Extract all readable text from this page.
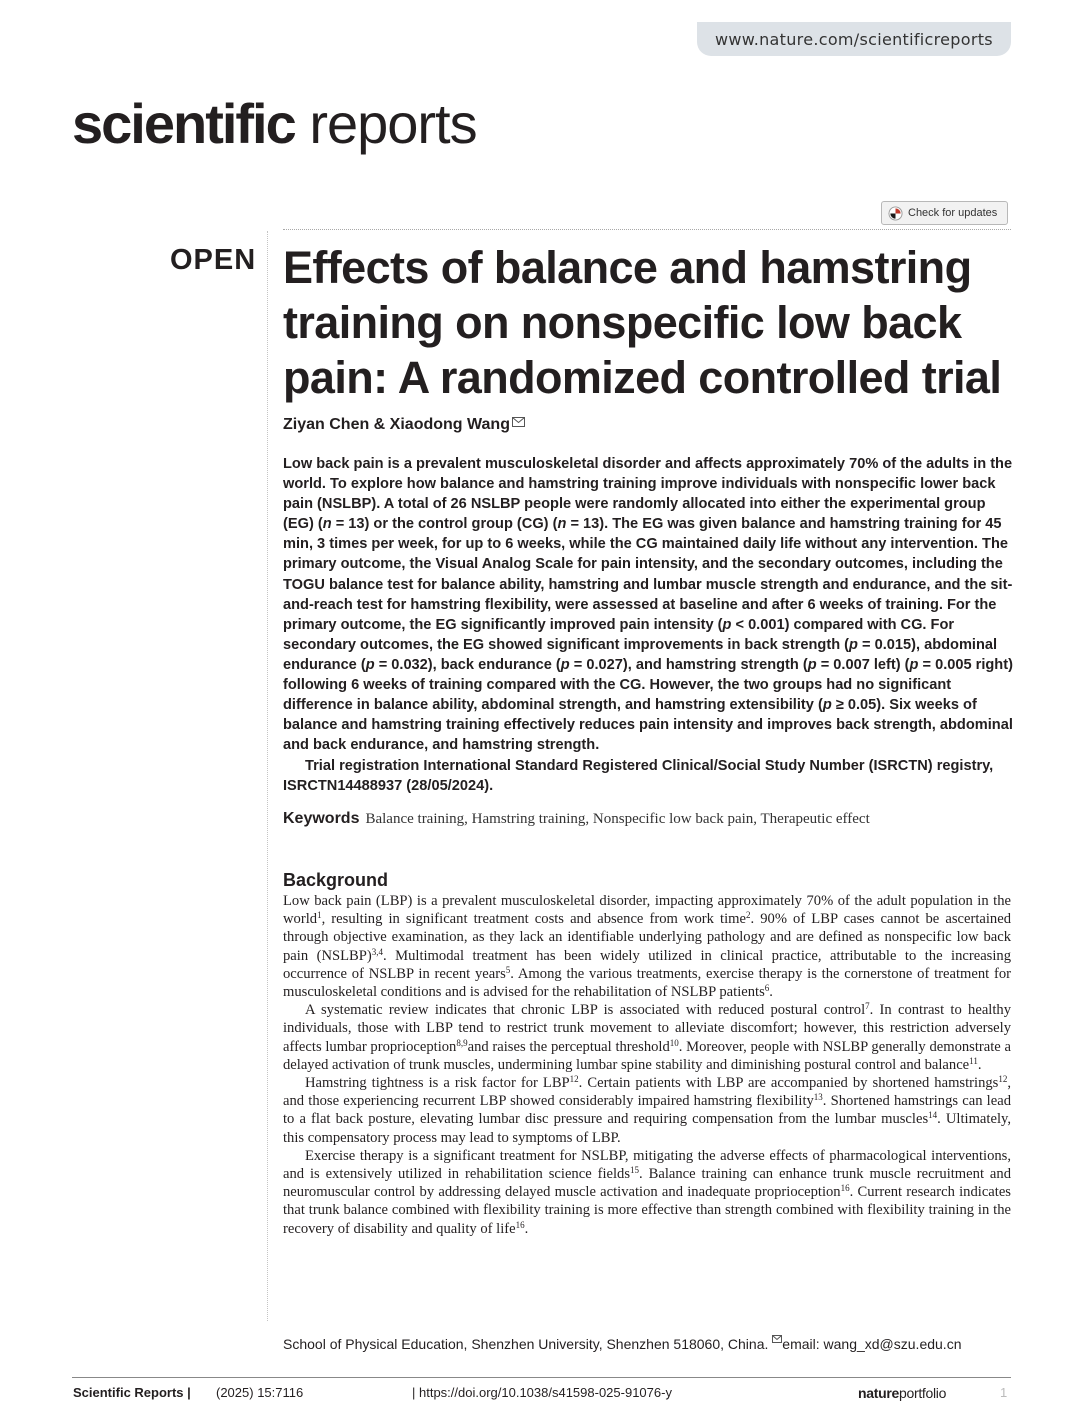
www.nature.com/scientificreports
scientific reports
Check for updates
OPEN Effects of balance and hamstring training on nonspecific low back pain: A randomized controlled trial
Ziyan Chen & Xiaodong Wang

Low back pain is a prevalent musculoskeletal disorder and affects approximately 70% of the adults in the world. To explore how balance and hamstring training improve individuals with nonspecific lower back pain (NSLBP). A total of 26 NSLBP people were randomly allocated into either the experimental group (EG) (n = 13) or the control group (CG) (n = 13). The EG was given balance and hamstring training for 45 min, 3 times per week, for up to 6 weeks, while the CG maintained daily life without any intervention. The primary outcome, the Visual Analog Scale for pain intensity, and the secondary outcomes, including the TOGU balance test for balance ability, hamstring and lumbar muscle strength and endurance, and the sit-and-reach test for hamstring flexibility, were assessed at baseline and after 6 weeks of training. For the primary outcome, the EG significantly improved pain intensity (p < 0.001) compared with CG. For secondary outcomes, the EG showed significant improvements in back strength (p = 0.015), abdominal endurance (p = 0.032), back endurance (p = 0.027), and hamstring strength (p = 0.007 left) (p = 0.005 right) following 6 weeks of training compared with the CG. However, the two groups had no significant difference in balance ability, abdominal strength, and hamstring extensibility (p ≥ 0.05). Six weeks of balance and hamstring training effectively reduces pain intensity and improves back strength, abdominal and back endurance, and hamstring strength.

Trial registration International Standard Registered Clinical/Social Study Number (ISRCTN) registry, ISRCTN14488937 (28/05/2024).

Keywords Balance training, Hamstring training, Nonspecific low back pain, Therapeutic effect
Background

Low back pain (LBP) is a prevalent musculoskeletal disorder, impacting approximately 70% of the adult population in the world$^1$, resulting in significant treatment costs and absence from work time$^2$. 90% of LBP cases cannot be ascertained through objective examination, as they lack an identifiable underlying pathology and are defined as nonspecific low back pain (NSLBP)$^{3,4}$. Multimodal treatment has been widely utilized in clinical practice, attributable to the increasing occurrence of NSLBP in recent years$^5$. Among the various treatments, exercise therapy is the cornerstone of treatment for musculoskeletal conditions and is advised for the rehabilitation of NSLBP patients$^6$.

A systematic review indicates that chronic LBP is associated with reduced postural control$^7$. In contrast to healthy individuals, those with LBP tend to restrict trunk movement to alleviate discomfort; however, this restriction adversely affects lumbar proprioception$^{8,9}$and raises the perceptual threshold$^{10}$. Moreover, people with NSLBP generally demonstrate a delayed activation of trunk muscles, undermining lumbar spine stability and diminishing postural control and balance$^{11}$.

Hamstring tightness is a risk factor for LBP$^{12}$. Certain patients with LBP are accompanied by shortened hamstrings$^{12}$, and those experiencing recurrent LBP showed considerably impaired hamstring flexibility$^{13}$. Shortened hamstrings can lead to a flat back posture, elevating lumbar disc pressure and requiring compensation from the lumbar muscles$^{14}$. Ultimately, this compensatory process may lead to symptoms of LBP.

Exercise therapy is a significant treatment for NSLBP, mitigating the adverse effects of pharmacological interventions, and is extensively utilized in rehabilitation science fields$^{15}$. Balance training can enhance trunk muscle recruitment and neuromuscular control by addressing delayed muscle activation and inadequate proprioception$^{16}$. Current research indicates that trunk balance combined with flexibility training is more effective than strength combined with flexibility training in the recovery of disability and quality of life$^{16}$.

School of Physical Education, Shenzhen University, Shenzhen 518060, China. email: wang_xd@szu.edu.cn
Scientific Reports | (2025) 15:7116	| https://doi.org/10.1038/s41598-025-91076-y	natureportfolio	1
